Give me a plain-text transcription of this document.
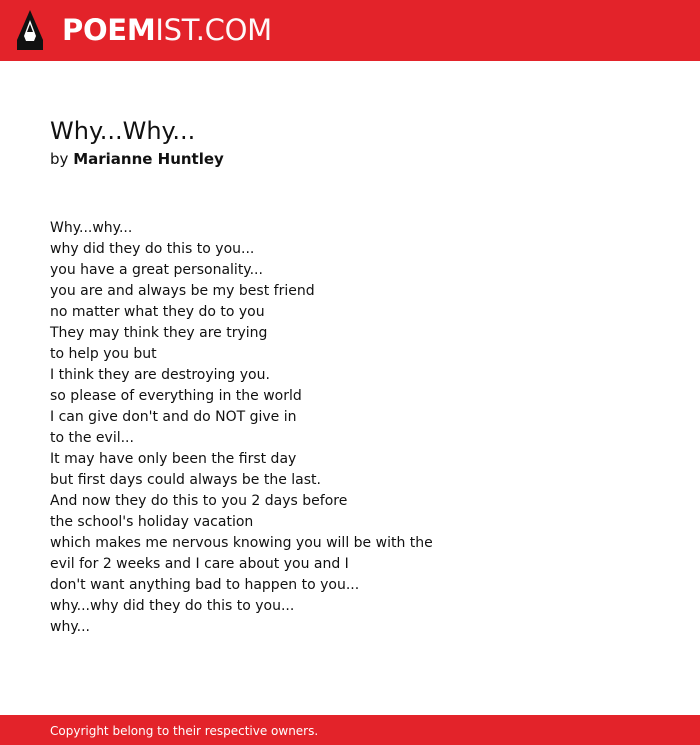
POEMIST.COM
Why...Why...
by Marianne Huntley
Why...why...
why did they do this to you...
you have a great personality...
you are and always be my best friend
no matter what they do to you
They may think they are trying
to help you but
I think they are destroying you.
so please of everything in the world
I can give don't and do NOT give in
to the evil...
It may have only been the first day
but first days could always be the last.
And now they do this to you 2 days before
the school's holiday vacation
which makes me nervous knowing you will be with the
evil for 2 weeks and I care about you and I
don't want anything bad to happen to you...
why...why did they do this to you...
why...
Copyright belong to their respective owners.
